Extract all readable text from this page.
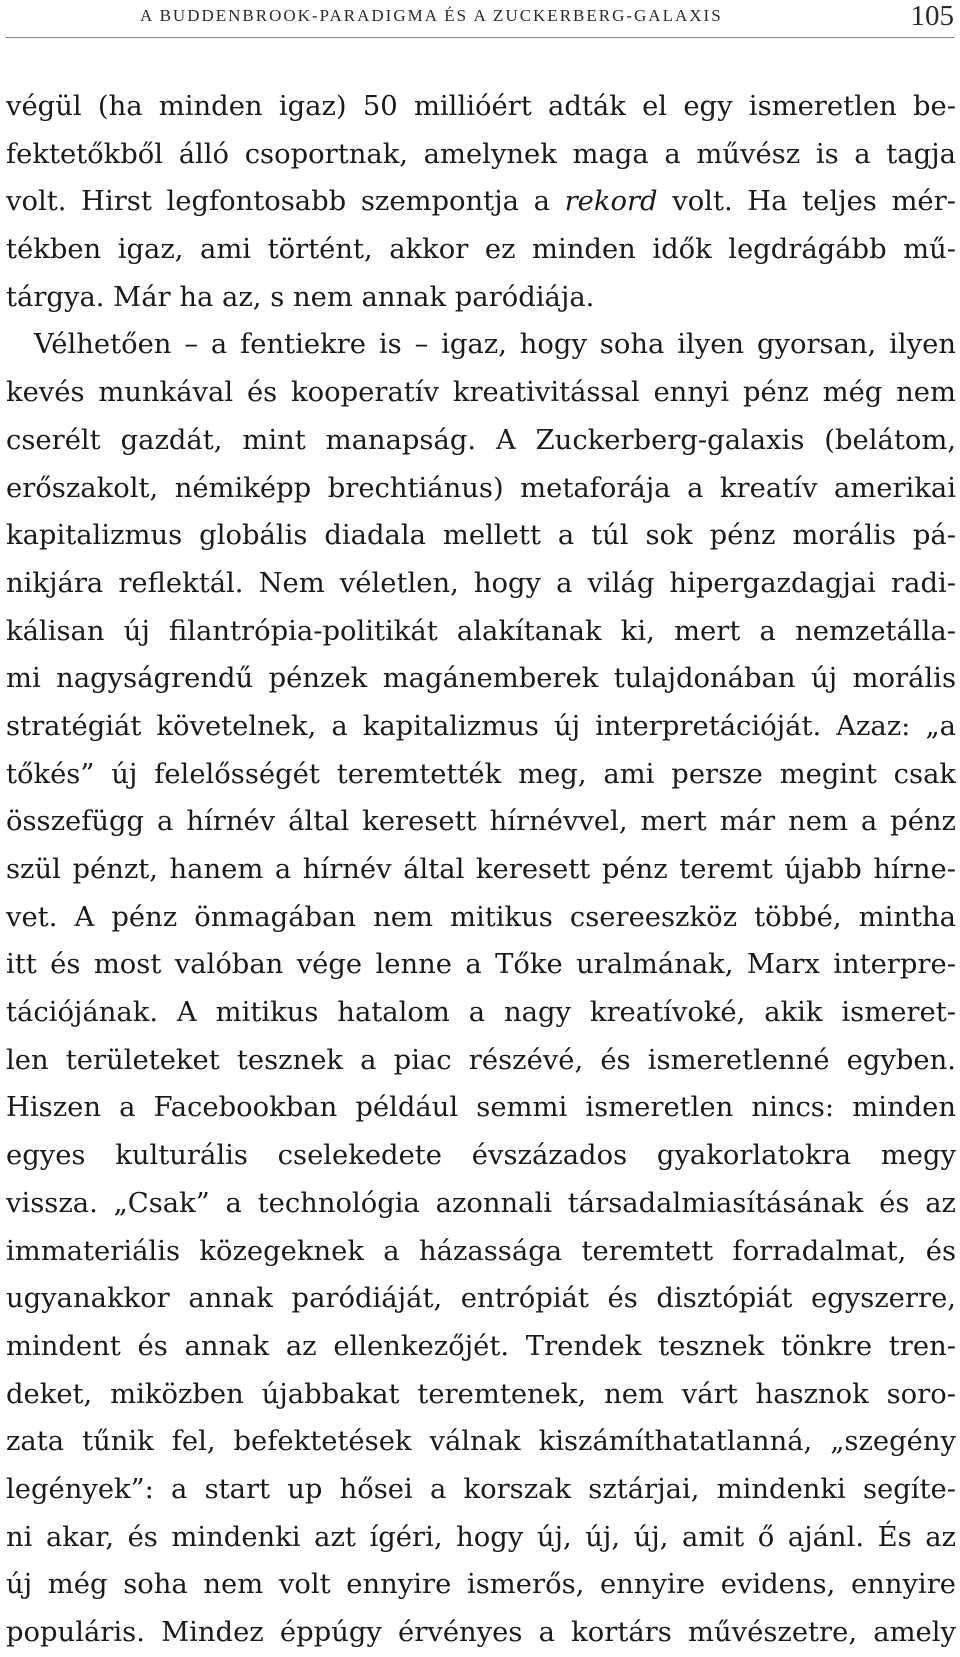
A BUDDENBROOK-PARADIGMA ÉS A ZUCKERBERG-GALAXIS	105
végül (ha minden igaz) 50 millióért adták el egy ismeretlen be-
fektetőkből álló csoportnak, amelynek maga a művész is a tagja
volt. Hirst legfontosabb szempontja a rekord volt. Ha teljes mér-
tékben igaz, ami történt, akkor ez minden idők legdrágább mű-
tárgya. Már ha az, s nem annak paródiája.
Vélhetően – a fentiekre is – igaz, hogy soha ilyen gyorsan, ilyen
kevés munkával és kooperatív kreativitással ennyi pénz még nem
cserélt gazdát, mint manapság. A Zuckerberg-galaxis (belátom,
erőszakolt, némiképp brechtiánus) metaforája a kreatív amerikai
kapitalizmus globális diadala mellett a túl sok pénz morális pá-
nikjára reflektál. Nem véletlen, hogy a világ hipergazdagjai radi-
kálisan új filantrópia-politikát alakítanak ki, mert a nemzetálla-
mi nagyságrendű pénzek magánemberek tulajdonában új morális
stratégiát követelnek, a kapitalizmus új interpretációját. Azaz: „a
tőkés” új felelősségét teremtették meg, ami persze megint csak
összefügg a hírnév által keresett hírnévvel, mert már nem a pénz
szül pénzt, hanem a hírnév által keresett pénz teremt újabb hírne-
vet. A pénz önmagában nem mitikus csereeszköz többé, mintha
itt és most valóban vége lenne a Tőke uralmának, Marx interpre-
tációjának. A mitikus hatalom a nagy kreatívoké, akik ismeret-
len területeket tesznek a piac részévé, és ismeretlenné egyben.
Hiszen a Facebookban például semmi ismeretlen nincs: minden
egyes kulturális cselekedete évszázados gyakorlatokra megy
vissza. „Csak” a technológia azonnali társadalmiasításának és az
immateriális közegeknek a házassága teremtett forradalmat, és
ugyanakkor annak paródiáját, entrópiát és disztópiát egyszerre,
mindent és annak az ellenkezőjét. Trendek tesznek tönkre tren-
deket, miközben újabbakat teremtenek, nem várt hasznok soro-
zata tűnik fel, befektetések válnak kiszámíthatatlanná, „szegény
legények”: a start up hősei a korszak sztárjai, mindenki segíte-
ni akar, és mindenki azt ígéri, hogy új, új, új, amit ő ajánl. És az
új még soha nem volt ennyire ismerős, ennyire evidens, ennyire
populáris. Mindez éppúgy érvényes a kortárs művészetre, amely
